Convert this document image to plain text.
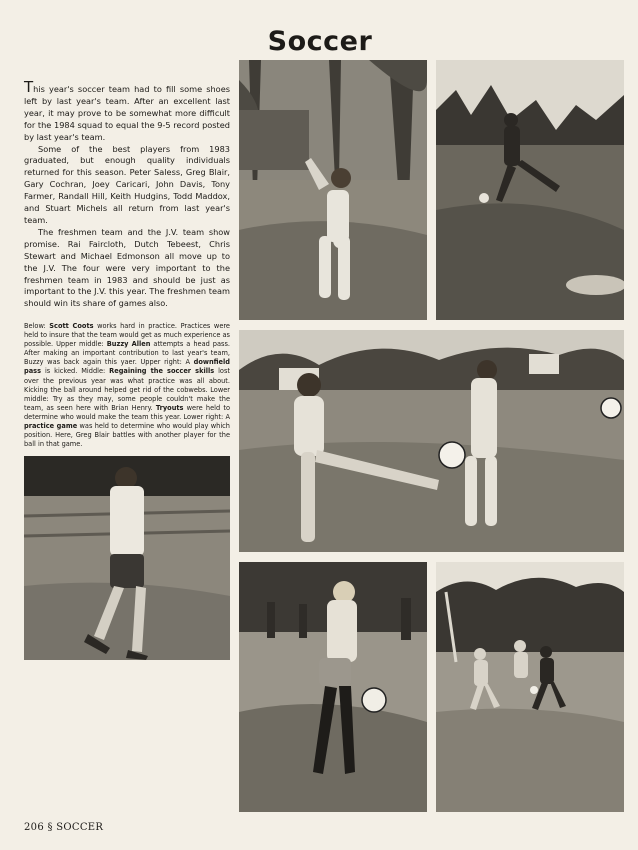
Soccer

This year's soccer team had to fill some shoes left by last year's team. After an excellent last year, it may prove to be somewhat more difficult for the 1984 squad to equal the 9-5 record posted by last year's team.

Some of the best players from 1983 graduated, but enough quality individuals returned for this season. Peter Saless, Greg Blair, Gary Cochran, Joey Caricari, John Davis, Tony Farmer, Randall Hill, Keith Hudgins, Todd Maddox, and Stuart Michels all return from last year's team.

The freshmen team and the J.V. team show promise. Rai Faircloth, Dutch Tebeest, Chris Stewart and Michael Edmonson all move up to the J.V. The four were very important to the freshmen team in 1983 and should be just as important to the J.V. this year. The freshmen team should win its share of games also.

Below: Scott Coots works hard in practice. Practices were held to insure that the team would get as much experience as possible. Upper middle: Buzzy Allen attempts a head pass. After making an important contribution to last year's team, Buzzy was back again this yaer. Upper right: A downfield pass is kicked. Middle: Regaining the soccer skills lost over the previous year was what practice was all about. Kicking the ball around helped get rid of the cobwebs. Lower middle: Try as they may, some people couldn't make the team, as seen here with Brian Henry. Tryouts were held to determine who would make the team this year. Lower right: A practice game was held to determine who would play which position. Here, Greg Blair battles with another player for the ball in that game.
206 § SOCCER
